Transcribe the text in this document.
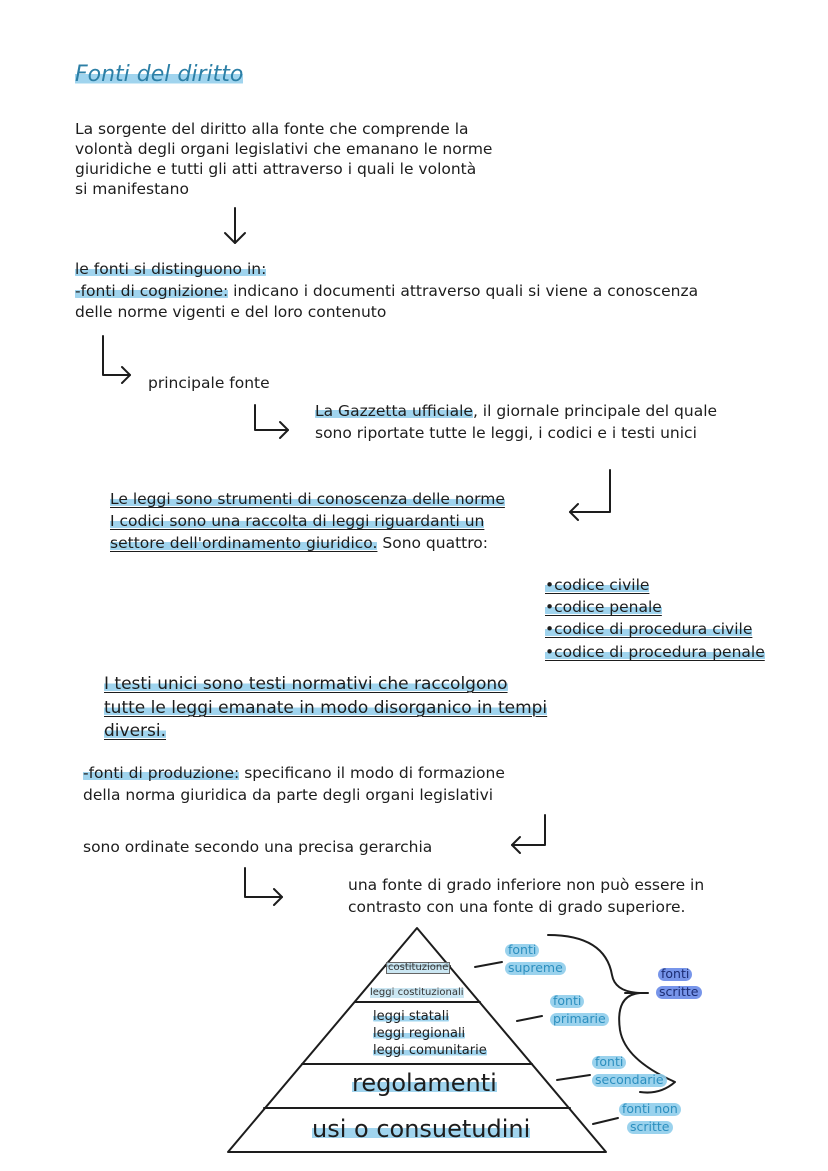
Fonti del diritto
La sorgente del diritto alla fonte che comprende la
volontà degli organi legislativi che emanano le norme
giuridiche e tutti gli atti attraverso i quali le volontà
si manifestano
le fonti si distinguono in:
-fonti di cognizione: indicano i documenti attraverso quali si viene a conoscenza
delle norme vigenti e del loro contenuto
principale fonte
La Gazzetta ufficiale, il giornale principale del quale
sono riportate tutte le leggi, i codici e i testi unici
Le leggi sono strumenti di conoscenza delle norme
I codici sono una raccolta di leggi riguardanti un
settore dell'ordinamento giuridico. Sono quattro:
•codice civile
•codice penale
•codice di procedura civile
•codice di procedura penale
I testi unici sono testi normativi che raccolgono
tutte le leggi emanate in modo disorganico in tempi
diversi.
-fonti di produzione: specificano il modo di formazione
della norma giuridica da parte degli organi legislativi
sono ordinate secondo una precisa gerarchia
una fonte di grado inferiore non può essere in
contrasto con una fonte di grado superiore.
costituzione
leggi costituzionali
leggi statali
leggi regionali
leggi comunitarie
regolamenti
usi o consuetudini
fonti
supreme
fonti
primarie
fonti
secondarie
fonti non
scritte
fonti
scritte
